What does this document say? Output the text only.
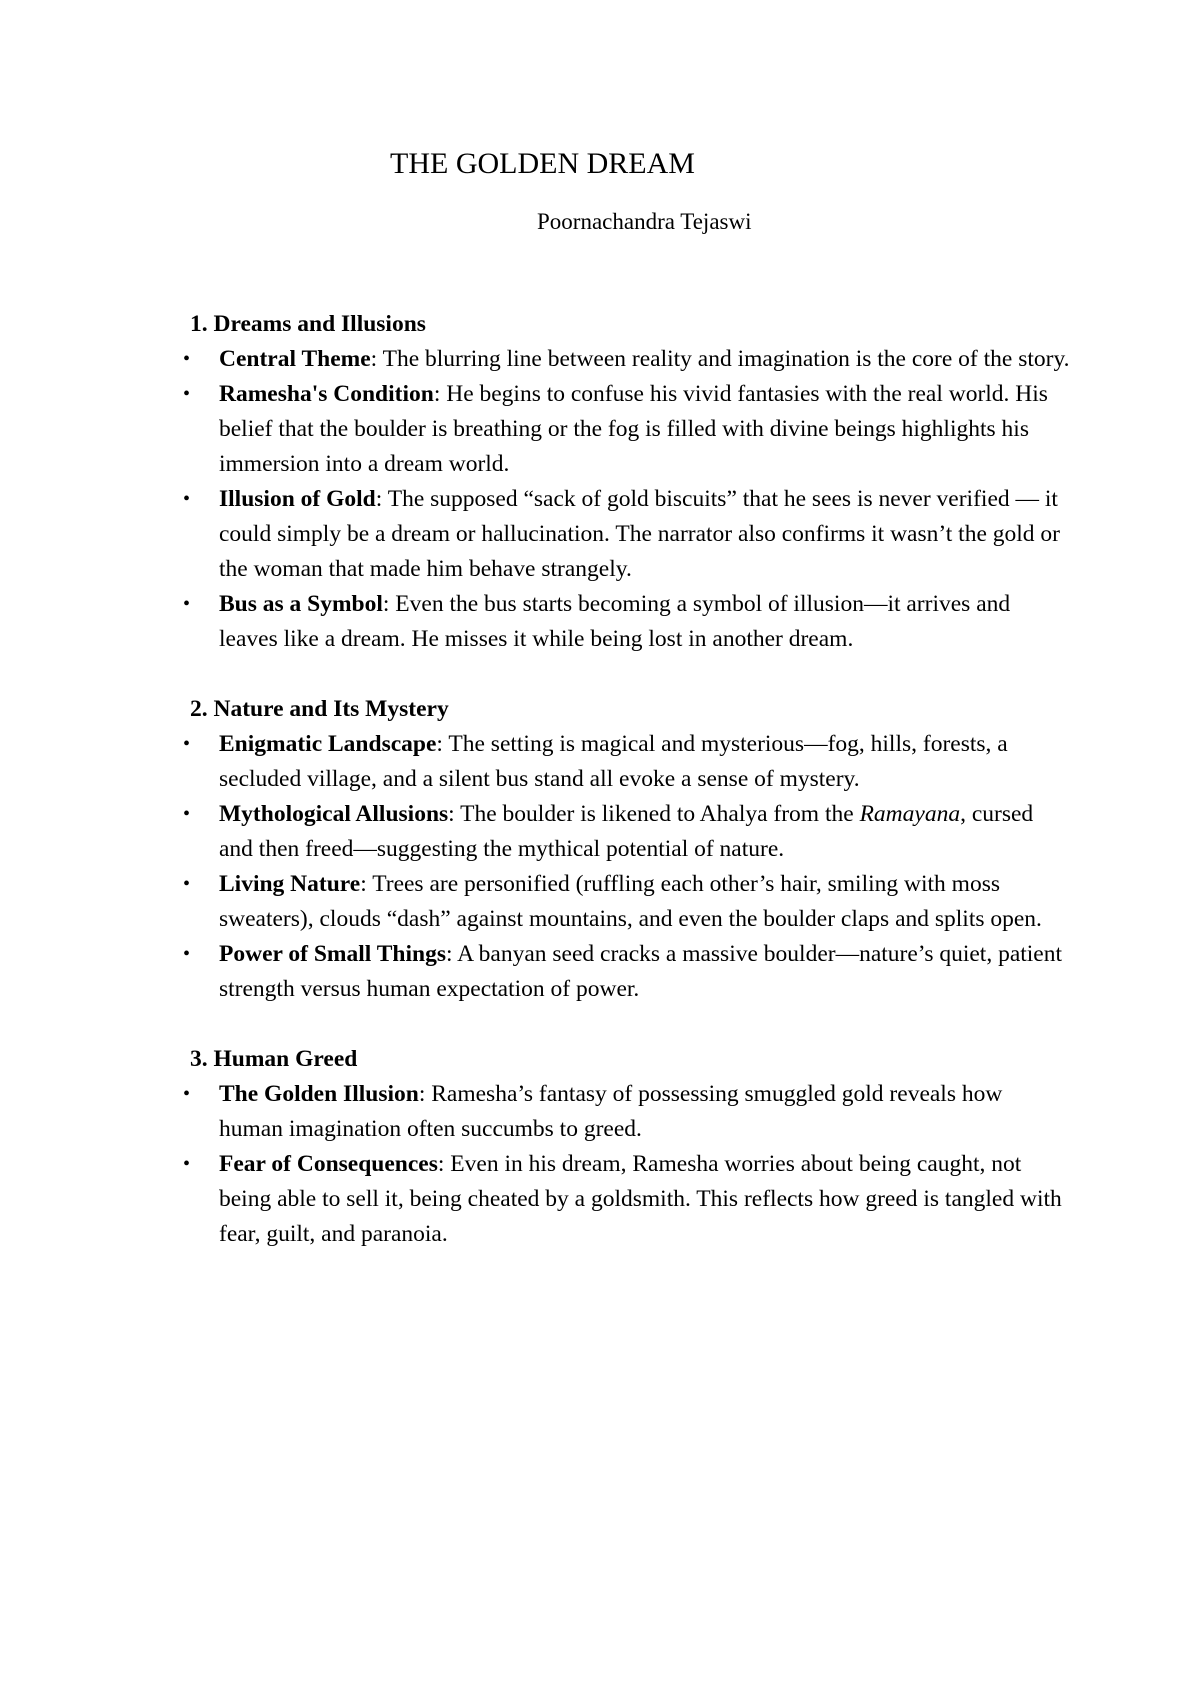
THE GOLDEN DREAM
Poornachandra Tejaswi

1. Dreams and Illusions

• Central Theme: The blurring line between reality and imagination is the core of the story.
• Ramesha's Condition: He begins to confuse his vivid fantasies with the real world. His belief that the boulder is breathing or the fog is filled with divine beings highlights his immersion into a dream world.
• Illusion of Gold: The supposed “sack of gold biscuits” that he sees is never verified — it could simply be a dream or hallucination. The narrator also confirms it wasn’t the gold or the woman that made him behave strangely.
• Bus as a Symbol: Even the bus starts becoming a symbol of illusion—it arrives and leaves like a dream. He misses it while being lost in another dream.

2. Nature and Its Mystery

• Enigmatic Landscape: The setting is magical and mysterious—fog, hills, forests, a secluded village, and a silent bus stand all evoke a sense of mystery.
• Mythological Allusions: The boulder is likened to Ahalya from the Ramayana, cursed and then freed—suggesting the mythical potential of nature.
• Living Nature: Trees are personified (ruffling each other’s hair, smiling with moss sweaters), clouds “dash” against mountains, and even the boulder claps and splits open.
• Power of Small Things: A banyan seed cracks a massive boulder—nature’s quiet, patient strength versus human expectation of power.

3. Human Greed

• The Golden Illusion: Ramesha’s fantasy of possessing smuggled gold reveals how human imagination often succumbs to greed.
• Fear of Consequences: Even in his dream, Ramesha worries about being caught, not being able to sell it, being cheated by a goldsmith. This reflects how greed is tangled with fear, guilt, and paranoia.
